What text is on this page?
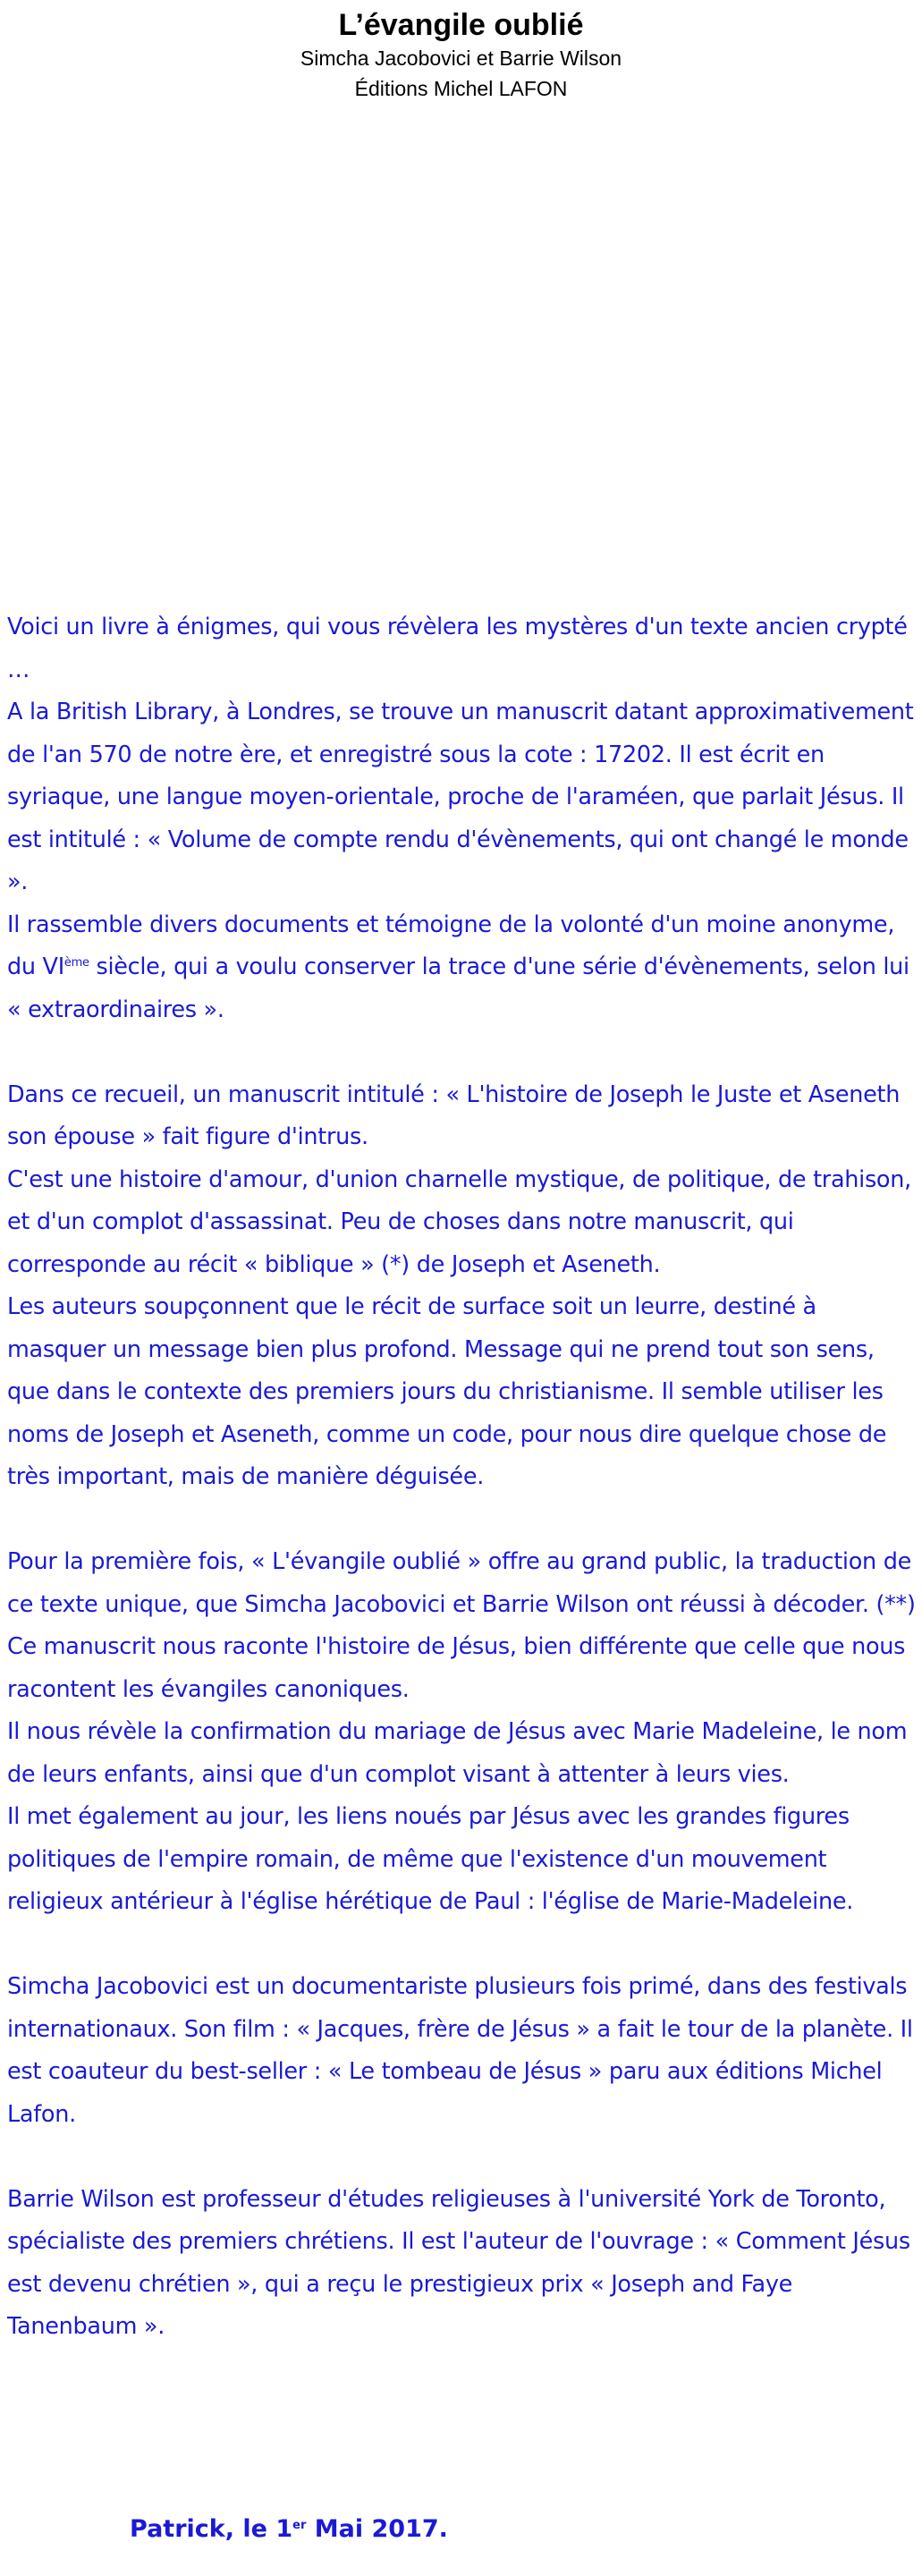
L’évangile oublié
Simcha Jacobovici et Barrie Wilson
Éditions Michel LAFON

Voici un livre à énigmes, qui vous révèlera les mystères d'un texte ancien crypté …

A la British Library, à Londres, se trouve un manuscrit datant approximativement de l'an 570 de notre ère, et enregistré sous la cote : 17202. Il est écrit en syriaque, une langue moyen-orientale, proche de l'araméen, que parlait Jésus. Il est intitulé : « Volume de compte rendu d'évènements, qui ont changé le monde ».

Il rassemble divers documents et témoigne de la volonté d'un moine anonyme, du VIème siècle, qui a voulu conserver la trace d'une série d'évènements, selon lui « extraordinaires ».

Dans ce recueil, un manuscrit intitulé : « L'histoire de Joseph le Juste et Aseneth son épouse » fait figure d'intrus.

C'est une histoire d'amour, d'union charnelle mystique, de politique, de trahison, et d'un complot d'assassinat. Peu de choses dans notre manuscrit, qui corresponde au récit « biblique » (*) de Joseph et Aseneth.

Les auteurs soupçonnent que le récit de surface soit un leurre, destiné à masquer un message bien plus profond. Message qui ne prend tout son sens, que dans le contexte des premiers jours du christianisme. Il semble utiliser les noms de Joseph et Aseneth, comme un code, pour nous dire quelque chose de très important, mais de manière déguisée.

Pour la première fois, « L'évangile oublié » offre au grand public, la traduction de ce texte unique, que Simcha Jacobovici et Barrie Wilson ont réussi à décoder. (**) Ce manuscrit nous raconte l'histoire de Jésus, bien différente que celle que nous racontent les évangiles canoniques.

Il nous révèle la confirmation du mariage de Jésus avec Marie Madeleine, le nom de leurs enfants, ainsi que d'un complot visant à attenter à leurs vies.

Il met également au jour, les liens noués par Jésus avec les grandes figures politiques de l'empire romain, de même que l'existence d'un mouvement religieux antérieur à l'église hérétique de Paul : l'église de Marie-Madeleine.

Simcha Jacobovici est un documentariste plusieurs fois primé, dans des festivals internationaux. Son film : « Jacques, frère de Jésus » a fait le tour de la planète. Il est coauteur du best-seller : « Le tombeau de Jésus » paru aux éditions Michel Lafon.

Barrie Wilson est professeur d'études religieuses à l'université York de Toronto, spécialiste des premiers chrétiens. Il est l'auteur de l'ouvrage : « Comment Jésus est devenu chrétien », qui a reçu le prestigieux prix « Joseph and Faye Tanenbaum ».

Patrick, le 1er Mai 2017.
